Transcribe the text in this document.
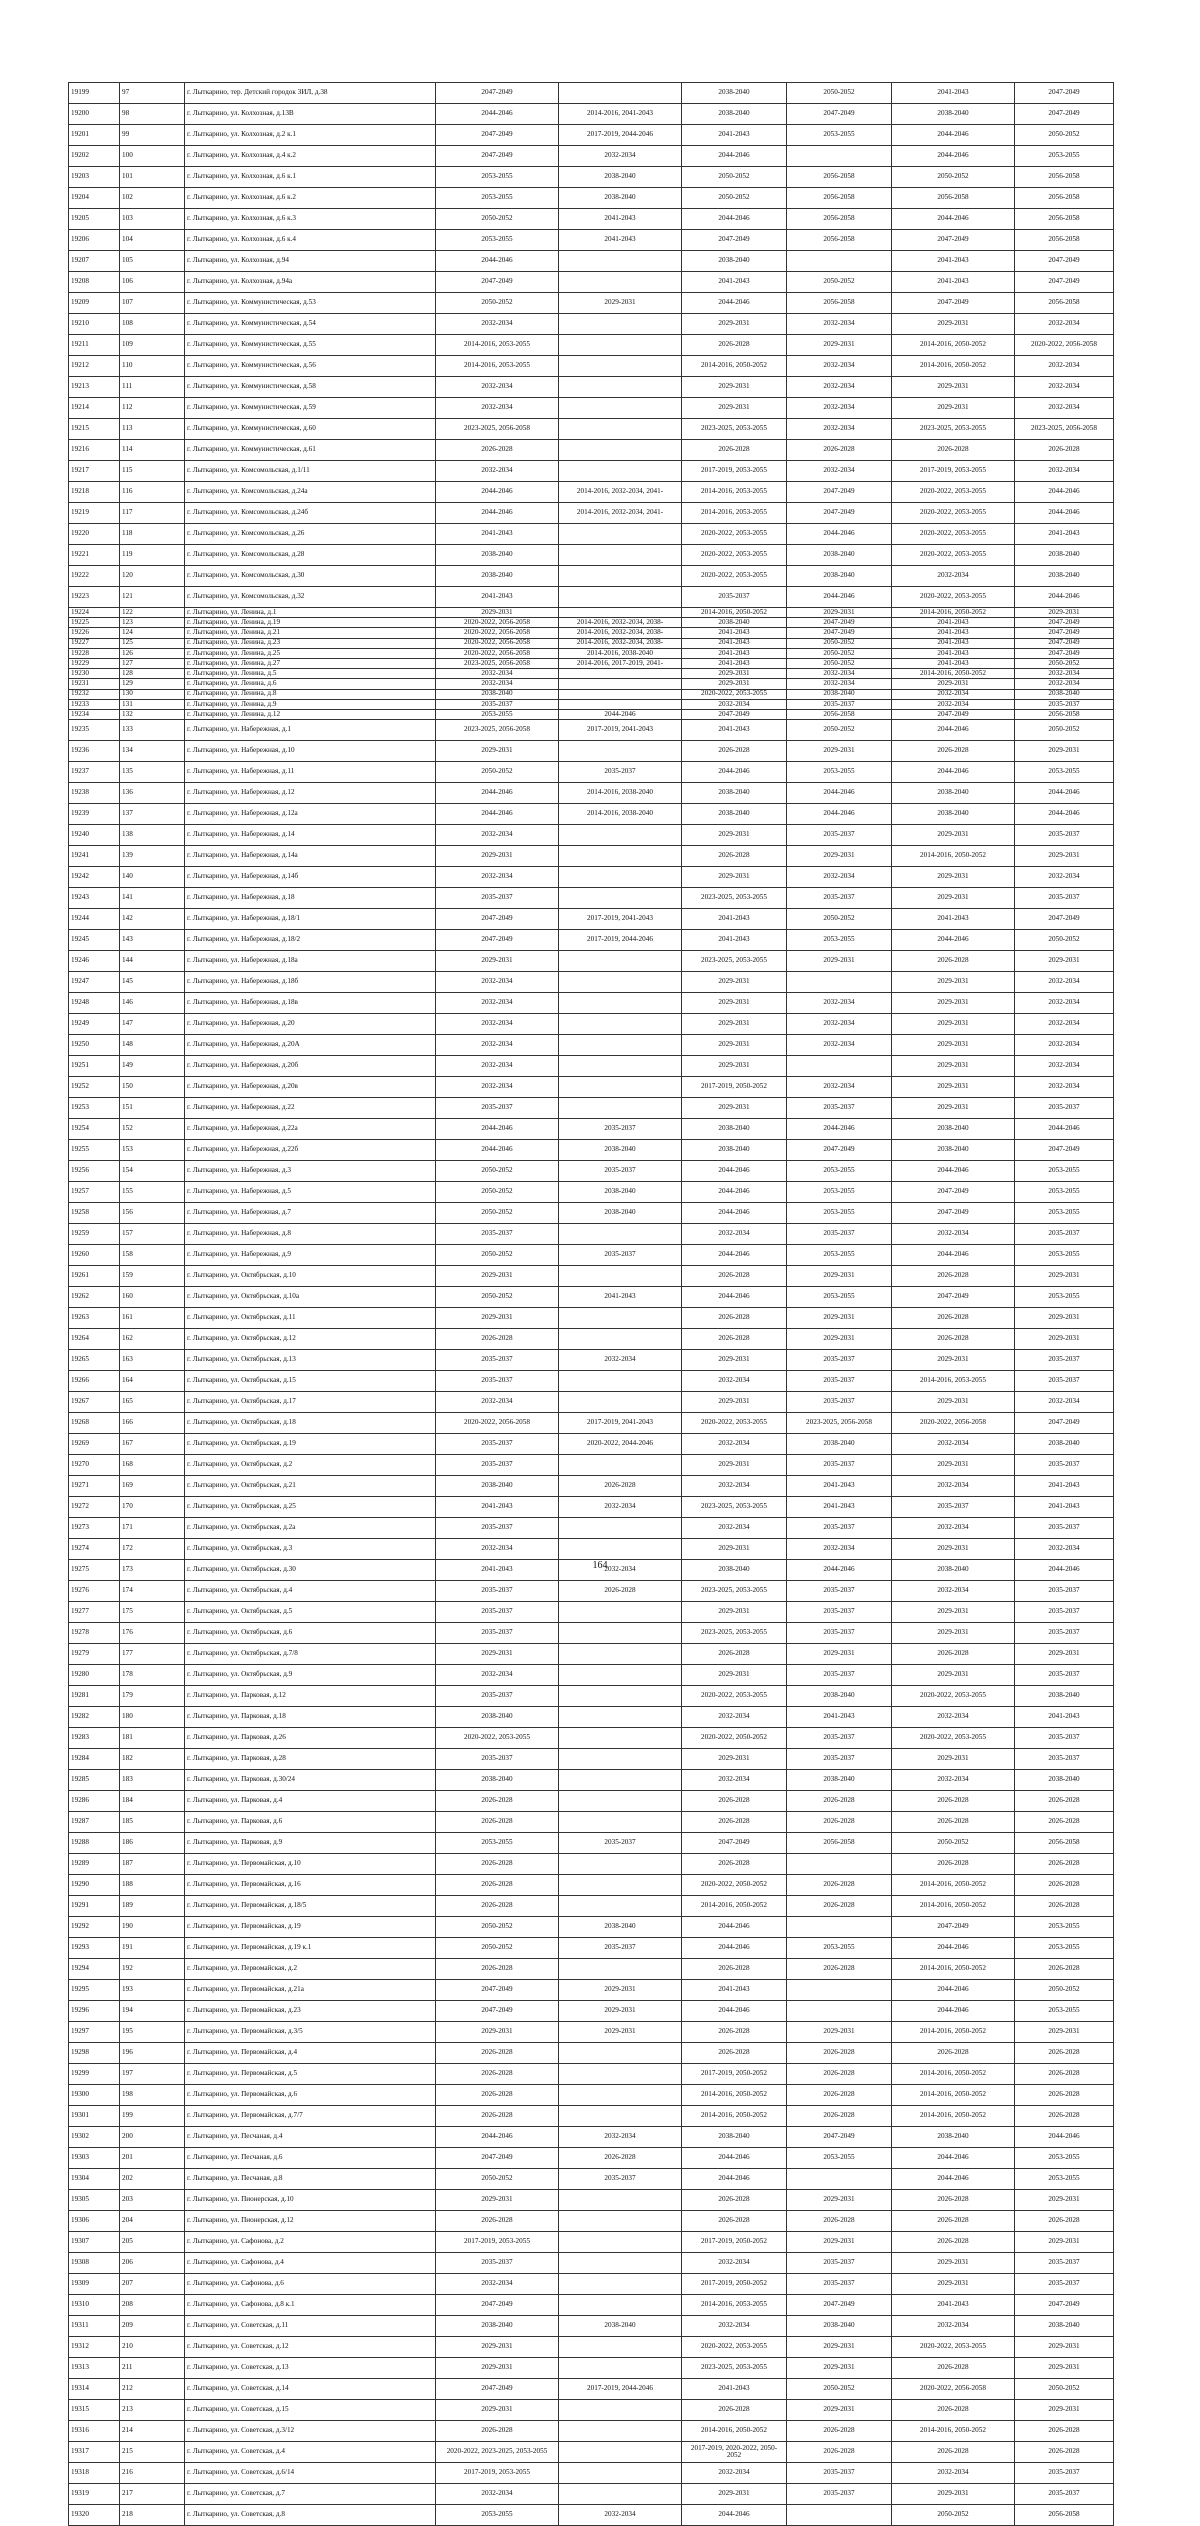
19199	97	г. Лыткарино, тер. Детский городок ЗИЛ, д.38	2047-2049		2038-2040	2050-2052	2041-2043	2047-2049
19200	98	г. Лыткарино, ул. Колхозная, д.13В	2044-2046	2014-2016, 2041-2043	2038-2040	2047-2049	2038-2040	2047-2049
19201	99	г. Лыткарино, ул. Колхозная, д.2 к.1	2047-2049	2017-2019, 2044-2046	2041-2043	2053-2055	2044-2046	2050-2052
19202	100	г. Лыткарино, ул. Колхозная, д.4 к.2	2047-2049	2032-2034	2044-2046		2044-2046	2053-2055
19203	101	г. Лыткарино, ул. Колхозная, д.6 к.1	2053-2055	2038-2040	2050-2052	2056-2058	2050-2052	2056-2058
19204	102	г. Лыткарино, ул. Колхозная, д.6 к.2	2053-2055	2038-2040	2050-2052	2056-2058	2056-2058	2056-2058
19205	103	г. Лыткарино, ул. Колхозная, д.6 к.3	2050-2052	2041-2043	2044-2046	2056-2058	2044-2046	2056-2058
19206	104	г. Лыткарино, ул. Колхозная, д.6 к.4	2053-2055	2041-2043	2047-2049	2056-2058	2047-2049	2056-2058
19207	105	г. Лыткарино, ул. Колхозная, д.94	2044-2046		2038-2040		2041-2043	2047-2049
19208	106	г. Лыткарино, ул. Колхозная, д.94а	2047-2049		2041-2043	2050-2052	2041-2043	2047-2049
19209	107	г. Лыткарино, ул. Коммунистическая, д.53	2050-2052	2029-2031	2044-2046	2056-2058	2047-2049	2056-2058
19210	108	г. Лыткарино, ул. Коммунистическая, д.54	2032-2034		2029-2031	2032-2034	2029-2031	2032-2034
19211	109	г. Лыткарино, ул. Коммунистическая, д.55	2014-2016, 2053-2055		2026-2028	2029-2031	2014-2016, 2050-2052	2020-2022, 2056-2058
19212	110	г. Лыткарино, ул. Коммунистическая, д.56	2014-2016, 2053-2055		2014-2016, 2050-2052	2032-2034	2014-2016, 2050-2052	2032-2034
19213	111	г. Лыткарино, ул. Коммунистическая, д.58	2032-2034		2029-2031	2032-2034	2029-2031	2032-2034
19214	112	г. Лыткарино, ул. Коммунистическая, д.59	2032-2034		2029-2031	2032-2034	2029-2031	2032-2034
19215	113	г. Лыткарино, ул. Коммунистическая, д.60	2023-2025, 2056-2058		2023-2025, 2053-2055	2032-2034	2023-2025, 2053-2055	2023-2025, 2056-2058
19216	114	г. Лыткарино, ул. Коммунистическая, д.61	2026-2028		2026-2028	2026-2028	2026-2028	2026-2028
19217	115	г. Лыткарино, ул. Комсомольская, д.1/11	2032-2034		2017-2019, 2053-2055	2032-2034	2017-2019, 2053-2055	2032-2034
19218	116	г. Лыткарино, ул. Комсомольская, д.24а	2044-2046	2014-2016, 2032-2034, 2041-	2014-2016, 2053-2055	2047-2049	2020-2022, 2053-2055	2044-2046
19219	117	г. Лыткарино, ул. Комсомольская, д.24б	2044-2046	2014-2016, 2032-2034, 2041-	2014-2016, 2053-2055	2047-2049	2020-2022, 2053-2055	2044-2046
19220	118	г. Лыткарино, ул. Комсомольская, д.26	2041-2043		2020-2022, 2053-2055	2044-2046	2020-2022, 2053-2055	2041-2043
19221	119	г. Лыткарино, ул. Комсомольская, д.28	2038-2040		2020-2022, 2053-2055	2038-2040	2020-2022, 2053-2055	2038-2040
19222	120	г. Лыткарино, ул. Комсомольская, д.30	2038-2040		2020-2022, 2053-2055	2038-2040	2032-2034	2038-2040
19223	121	г. Лыткарино, ул. Комсомольская, д.32	2041-2043		2035-2037	2044-2046	2020-2022, 2053-2055	2044-2046
19224	122	г. Лыткарино, ул. Ленина, д.1	2029-2031		2014-2016, 2050-2052	2029-2031	2014-2016, 2050-2052	2029-2031
19225	123	г. Лыткарино, ул. Ленина, д.19	2020-2022, 2056-2058	2014-2016, 2032-2034, 2038-	2038-2040	2047-2049	2041-2043	2047-2049
19226	124	г. Лыткарино, ул. Ленина, д.21	2020-2022, 2056-2058	2014-2016, 2032-2034, 2038-	2041-2043	2047-2049	2041-2043	2047-2049
19227	125	г. Лыткарино, ул. Ленина, д.23	2020-2022, 2056-2058	2014-2016, 2032-2034, 2038-	2041-2043	2050-2052	2041-2043	2047-2049
19228	126	г. Лыткарино, ул. Ленина, д.25	2020-2022, 2056-2058	2014-2016, 2038-2040	2041-2043	2050-2052	2041-2043	2047-2049
19229	127	г. Лыткарино, ул. Ленина, д.27	2023-2025, 2056-2058	2014-2016, 2017-2019, 2041-	2041-2043	2050-2052	2041-2043	2050-2052
19230	128	г. Лыткарино, ул. Ленина, д.5	2032-2034		2029-2031	2032-2034	2014-2016, 2050-2052	2032-2034
19231	129	г. Лыткарино, ул. Ленина, д.6	2032-2034		2029-2031	2032-2034	2029-2031	2032-2034
19232	130	г. Лыткарино, ул. Ленина, д.8	2038-2040		2020-2022, 2053-2055	2038-2040	2032-2034	2038-2040
19233	131	г. Лыткарино, ул. Ленина, д.9	2035-2037		2032-2034	2035-2037	2032-2034	2035-2037
19234	132	г. Лыткарино, ул. Ленина, д.12	2053-2055	2044-2046	2047-2049	2056-2058	2047-2049	2056-2058
19235	133	г. Лыткарино, ул. Набережная, д.1	2023-2025, 2056-2058	2017-2019, 2041-2043	2041-2043	2050-2052	2044-2046	2050-2052
19236	134	г. Лыткарино, ул. Набережная, д.10	2029-2031		2026-2028	2029-2031	2026-2028	2029-2031
19237	135	г. Лыткарино, ул. Набережная, д.11	2050-2052	2035-2037	2044-2046	2053-2055	2044-2046	2053-2055
19238	136	г. Лыткарино, ул. Набережная, д.12	2044-2046	2014-2016, 2038-2040	2038-2040	2044-2046	2038-2040	2044-2046
19239	137	г. Лыткарино, ул. Набережная, д.12а	2044-2046	2014-2016, 2038-2040	2038-2040	2044-2046	2038-2040	2044-2046
19240	138	г. Лыткарино, ул. Набережная, д.14	2032-2034		2029-2031	2035-2037	2029-2031	2035-2037
19241	139	г. Лыткарино, ул. Набережная, д.14а	2029-2031		2026-2028	2029-2031	2014-2016, 2050-2052	2029-2031
19242	140	г. Лыткарино, ул. Набережная, д.14б	2032-2034		2029-2031	2032-2034	2029-2031	2032-2034
19243	141	г. Лыткарино, ул. Набережная, д.18	2035-2037		2023-2025, 2053-2055	2035-2037	2029-2031	2035-2037
19244	142	г. Лыткарино, ул. Набережная, д.18/1	2047-2049	2017-2019, 2041-2043	2041-2043	2050-2052	2041-2043	2047-2049
19245	143	г. Лыткарино, ул. Набережная, д.18/2	2047-2049	2017-2019, 2044-2046	2041-2043	2053-2055	2044-2046	2050-2052
19246	144	г. Лыткарино, ул. Набережная, д.18а	2029-2031		2023-2025, 2053-2055	2029-2031	2026-2028	2029-2031
19247	145	г. Лыткарино, ул. Набережная, д.18б	2032-2034		2029-2031		2029-2031	2032-2034
19248	146	г. Лыткарино, ул. Набережная, д.18в	2032-2034		2029-2031	2032-2034	2029-2031	2032-2034
19249	147	г. Лыткарино, ул. Набережная, д.20	2032-2034		2029-2031	2032-2034	2029-2031	2032-2034
19250	148	г. Лыткарино, ул. Набережная, д.20А	2032-2034		2029-2031	2032-2034	2029-2031	2032-2034
19251	149	г. Лыткарино, ул. Набережная, д.20б	2032-2034		2029-2031		2029-2031	2032-2034
19252	150	г. Лыткарино, ул. Набережная, д.20в	2032-2034		2017-2019, 2050-2052	2032-2034	2029-2031	2032-2034
19253	151	г. Лыткарино, ул. Набережная, д.22	2035-2037		2029-2031	2035-2037	2029-2031	2035-2037
19254	152	г. Лыткарино, ул. Набережная, д.22а	2044-2046	2035-2037	2038-2040	2044-2046	2038-2040	2044-2046
19255	153	г. Лыткарино, ул. Набережная, д.22б	2044-2046	2038-2040	2038-2040	2047-2049	2038-2040	2047-2049
19256	154	г. Лыткарино, ул. Набережная, д.3	2050-2052	2035-2037	2044-2046	2053-2055	2044-2046	2053-2055
19257	155	г. Лыткарино, ул. Набережная, д.5	2050-2052	2038-2040	2044-2046	2053-2055	2047-2049	2053-2055
19258	156	г. Лыткарино, ул. Набережная, д.7	2050-2052	2038-2040	2044-2046	2053-2055	2047-2049	2053-2055
19259	157	г. Лыткарино, ул. Набережная, д.8	2035-2037		2032-2034	2035-2037	2032-2034	2035-2037
19260	158	г. Лыткарино, ул. Набережная, д.9	2050-2052	2035-2037	2044-2046	2053-2055	2044-2046	2053-2055
19261	159	г. Лыткарино, ул. Октябрьская, д.10	2029-2031		2026-2028	2029-2031	2026-2028	2029-2031
19262	160	г. Лыткарино, ул. Октябрьская, д.10а	2050-2052	2041-2043	2044-2046	2053-2055	2047-2049	2053-2055
19263	161	г. Лыткарино, ул. Октябрьская, д.11	2029-2031		2026-2028	2029-2031	2026-2028	2029-2031
19264	162	г. Лыткарино, ул. Октябрьская, д.12	2026-2028		2026-2028	2029-2031	2026-2028	2029-2031
19265	163	г. Лыткарино, ул. Октябрьская, д.13	2035-2037	2032-2034	2029-2031	2035-2037	2029-2031	2035-2037
19266	164	г. Лыткарино, ул. Октябрьская, д.15	2035-2037		2032-2034	2035-2037	2014-2016, 2053-2055	2035-2037
19267	165	г. Лыткарино, ул. Октябрьская, д.17	2032-2034		2029-2031	2035-2037	2029-2031	2032-2034
19268	166	г. Лыткарино, ул. Октябрьская, д.18	2020-2022, 2056-2058	2017-2019, 2041-2043	2020-2022, 2053-2055	2023-2025, 2056-2058	2020-2022, 2056-2058	2047-2049
19269	167	г. Лыткарино, ул. Октябрьская, д.19	2035-2037	2020-2022, 2044-2046	2032-2034	2038-2040	2032-2034	2038-2040
19270	168	г. Лыткарино, ул. Октябрьская, д.2	2035-2037		2029-2031	2035-2037	2029-2031	2035-2037
19271	169	г. Лыткарино, ул. Октябрьская, д.21	2038-2040	2026-2028	2032-2034	2041-2043	2032-2034	2041-2043
19272	170	г. Лыткарино, ул. Октябрьская, д.25	2041-2043	2032-2034	2023-2025, 2053-2055	2041-2043	2035-2037	2041-2043
19273	171	г. Лыткарино, ул. Октябрьская, д.2а	2035-2037		2032-2034	2035-2037	2032-2034	2035-2037
19274	172	г. Лыткарино, ул. Октябрьская, д.3	2032-2034		2029-2031	2032-2034	2029-2031	2032-2034
19275	173	г. Лыткарино, ул. Октябрьская, д.30	2041-2043	2032-2034	2038-2040	2044-2046	2038-2040	2044-2046
19276	174	г. Лыткарино, ул. Октябрьская, д.4	2035-2037	2026-2028	2023-2025, 2053-2055	2035-2037	2032-2034	2035-2037
19277	175	г. Лыткарино, ул. Октябрьская, д.5	2035-2037		2029-2031	2035-2037	2029-2031	2035-2037
19278	176	г. Лыткарино, ул. Октябрьская, д.6	2035-2037		2023-2025, 2053-2055	2035-2037	2029-2031	2035-2037
19279	177	г. Лыткарино, ул. Октябрьская, д.7/8	2029-2031		2026-2028	2029-2031	2026-2028	2029-2031
19280	178	г. Лыткарино, ул. Октябрьская, д.9	2032-2034		2029-2031	2035-2037	2029-2031	2035-2037
19281	179	г. Лыткарино, ул. Парковая, д.12	2035-2037		2020-2022, 2053-2055	2038-2040	2020-2022, 2053-2055	2038-2040
19282	180	г. Лыткарино, ул. Парковая, д.18	2038-2040		2032-2034	2041-2043	2032-2034	2041-2043
19283	181	г. Лыткарино, ул. Парковая, д.26	2020-2022, 2053-2055		2020-2022, 2050-2052	2035-2037	2020-2022, 2053-2055	2035-2037
19284	182	г. Лыткарино, ул. Парковая, д.28	2035-2037		2029-2031	2035-2037	2029-2031	2035-2037
19285	183	г. Лыткарино, ул. Парковая, д.30/24	2038-2040		2032-2034	2038-2040	2032-2034	2038-2040
19286	184	г. Лыткарино, ул. Парковая, д.4	2026-2028		2026-2028	2026-2028	2026-2028	2026-2028
19287	185	г. Лыткарино, ул. Парковая, д.6	2026-2028		2026-2028	2026-2028	2026-2028	2026-2028
19288	186	г. Лыткарино, ул. Парковая, д.9	2053-2055	2035-2037	2047-2049	2056-2058	2050-2052	2056-2058
19289	187	г. Лыткарино, ул. Первомайская, д.10	2026-2028		2026-2028		2026-2028	2026-2028
19290	188	г. Лыткарино, ул. Первомайская, д.16	2026-2028		2020-2022, 2050-2052	2026-2028	2014-2016, 2050-2052	2026-2028
19291	189	г. Лыткарино, ул. Первомайская, д.18/5	2026-2028		2014-2016, 2050-2052	2026-2028	2014-2016, 2050-2052	2026-2028
19292	190	г. Лыткарино, ул. Первомайская, д.19	2050-2052	2038-2040	2044-2046		2047-2049	2053-2055
19293	191	г. Лыткарино, ул. Первомайская, д.19 к.1	2050-2052	2035-2037	2044-2046	2053-2055	2044-2046	2053-2055
19294	192	г. Лыткарино, ул. Первомайская, д.2	2026-2028		2026-2028	2026-2028	2014-2016, 2050-2052	2026-2028
19295	193	г. Лыткарино, ул. Первомайская, д.21а	2047-2049	2029-2031	2041-2043		2044-2046	2050-2052
19296	194	г. Лыткарино, ул. Первомайская, д.23	2047-2049	2029-2031	2044-2046		2044-2046	2053-2055
19297	195	г. Лыткарино, ул. Первомайская, д.3/5	2029-2031	2029-2031	2026-2028	2029-2031	2014-2016, 2050-2052	2029-2031
19298	196	г. Лыткарино, ул. Первомайская, д.4	2026-2028		2026-2028	2026-2028	2026-2028	2026-2028
19299	197	г. Лыткарино, ул. Первомайская, д.5	2026-2028		2017-2019, 2050-2052	2026-2028	2014-2016, 2050-2052	2026-2028
19300	198	г. Лыткарино, ул. Первомайская, д.6	2026-2028		2014-2016, 2050-2052	2026-2028	2014-2016, 2050-2052	2026-2028
19301	199	г. Лыткарино, ул. Первомайская, д.7/7	2026-2028		2014-2016, 2050-2052	2026-2028	2014-2016, 2050-2052	2026-2028
19302	200	г. Лыткарино, ул. Песчаная, д.4	2044-2046	2032-2034	2038-2040	2047-2049	2038-2040	2044-2046
19303	201	г. Лыткарино, ул. Песчаная, д.6	2047-2049	2026-2028	2044-2046	2053-2055	2044-2046	2053-2055
19304	202	г. Лыткарино, ул. Песчаная, д.8	2050-2052	2035-2037	2044-2046		2044-2046	2053-2055
19305	203	г. Лыткарино, ул. Пионерская, д.10	2029-2031		2026-2028	2029-2031	2026-2028	2029-2031
19306	204	г. Лыткарино, ул. Пионерская, д.12	2026-2028		2026-2028	2026-2028	2026-2028	2026-2028
19307	205	г. Лыткарино, ул. Сафонова, д.2	2017-2019, 2053-2055		2017-2019, 2050-2052	2029-2031	2026-2028	2029-2031
19308	206	г. Лыткарино, ул. Сафонова, д.4	2035-2037		2032-2034	2035-2037	2029-2031	2035-2037
19309	207	г. Лыткарино, ул. Сафонова, д.6	2032-2034		2017-2019, 2050-2052	2035-2037	2029-2031	2035-2037
19310	208	г. Лыткарино, ул. Сафонова, д.8 к.1	2047-2049		2014-2016, 2053-2055	2047-2049	2041-2043	2047-2049
19311	209	г. Лыткарино, ул. Советская, д.11	2038-2040	2038-2040	2032-2034	2038-2040	2032-2034	2038-2040
19312	210	г. Лыткарино, ул. Советская, д.12	2029-2031		2020-2022, 2053-2055	2029-2031	2020-2022, 2053-2055	2029-2031
19313	211	г. Лыткарино, ул. Советская, д.13	2029-2031		2023-2025, 2053-2055	2029-2031	2026-2028	2029-2031
19314	212	г. Лыткарино, ул. Советская, д.14	2047-2049	2017-2019, 2044-2046	2041-2043	2050-2052	2020-2022, 2056-2058	2050-2052
19315	213	г. Лыткарино, ул. Советская, д.15	2029-2031		2026-2028	2029-2031	2026-2028	2029-2031
19316	214	г. Лыткарино, ул. Советская, д.3/12	2026-2028		2014-2016, 2050-2052	2026-2028	2014-2016, 2050-2052	2026-2028
19317	215	г. Лыткарино, ул. Советская, д.4	2020-2022, 2023-2025, 2053-2055		2017-2019, 2020-2022, 2050-2052	2026-2028	2026-2028	2026-2028
19318	216	г. Лыткарино, ул. Советская, д.6/14	2017-2019, 2053-2055		2032-2034	2035-2037	2032-2034	2035-2037
19319	217	г. Лыткарино, ул. Советская, д.7	2032-2034		2029-2031	2035-2037	2029-2031	2035-2037
19320	218	г. Лыткарино, ул. Советская, д.8	2053-2055	2032-2034	2044-2046		2050-2052	2056-2058
164
